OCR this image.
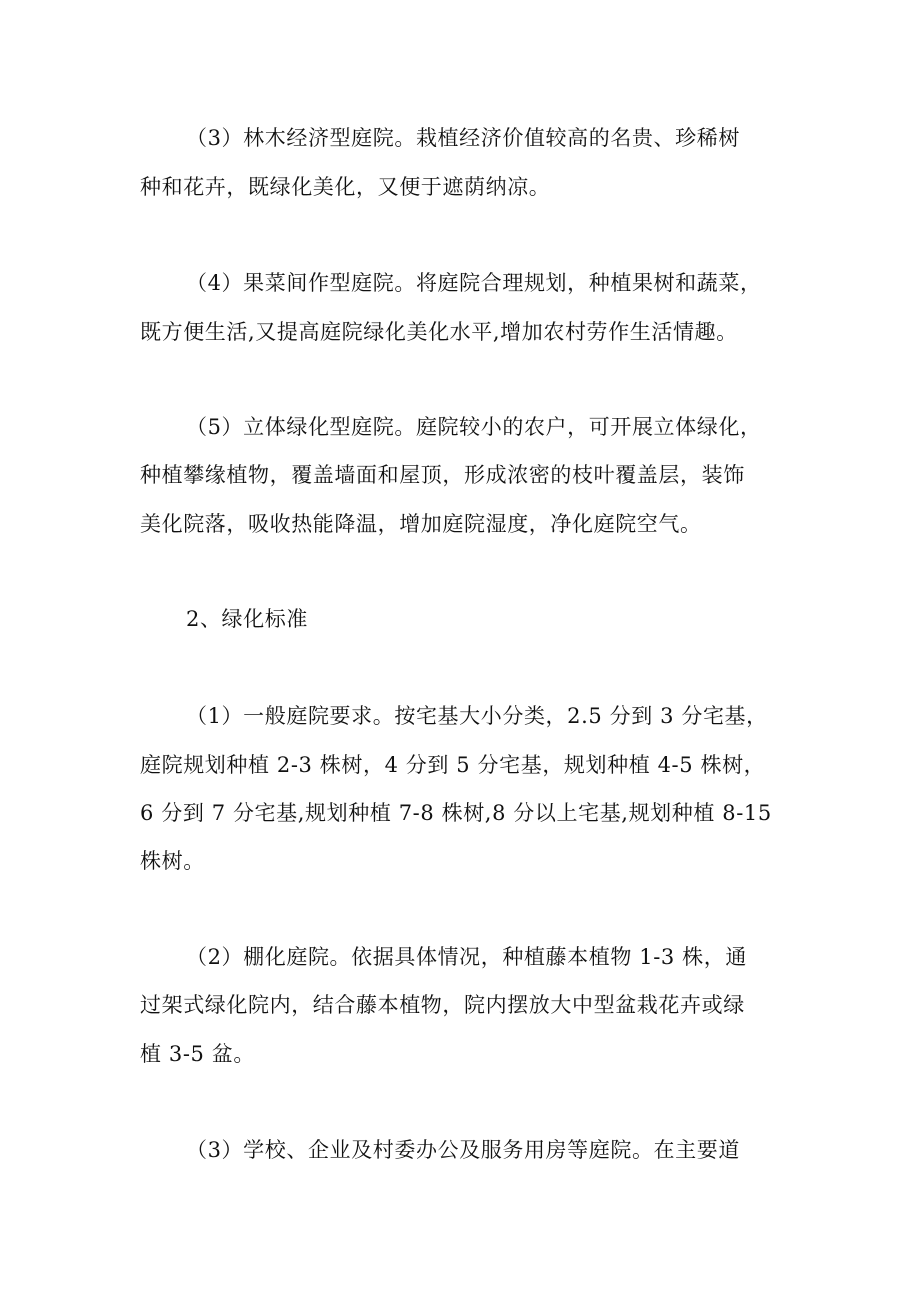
（3）林木经济型庭院。栽植经济价值较高的名贵、珍稀树
种和花卉，既绿化美化，又便于遮荫纳凉。
（4）果菜间作型庭院。将庭院合理规划，种植果树和蔬菜，
既方便生活,又提高庭院绿化美化水平,增加农村劳作生活情趣。
（5）立体绿化型庭院。庭院较小的农户，可开展立体绿化，
种植攀缘植物，覆盖墙面和屋顶，形成浓密的枝叶覆盖层，装饰
美化院落，吸收热能降温，增加庭院湿度，净化庭院空气。
2、绿化标准
（1）一般庭院要求。按宅基大小分类，2.5 分到 3 分宅基，
庭院规划种植 2-3 株树，4 分到 5 分宅基，规划种植 4-5 株树，
6 分到 7 分宅基,规划种植 7-8 株树,8 分以上宅基,规划种植 8-15
株树。
（2）棚化庭院。依据具体情况，种植藤本植物 1-3 株，通
过架式绿化院内，结合藤本植物，院内摆放大中型盆栽花卉或绿
植 3-5 盆。
（3）学校、企业及村委办公及服务用房等庭院。在主要道
